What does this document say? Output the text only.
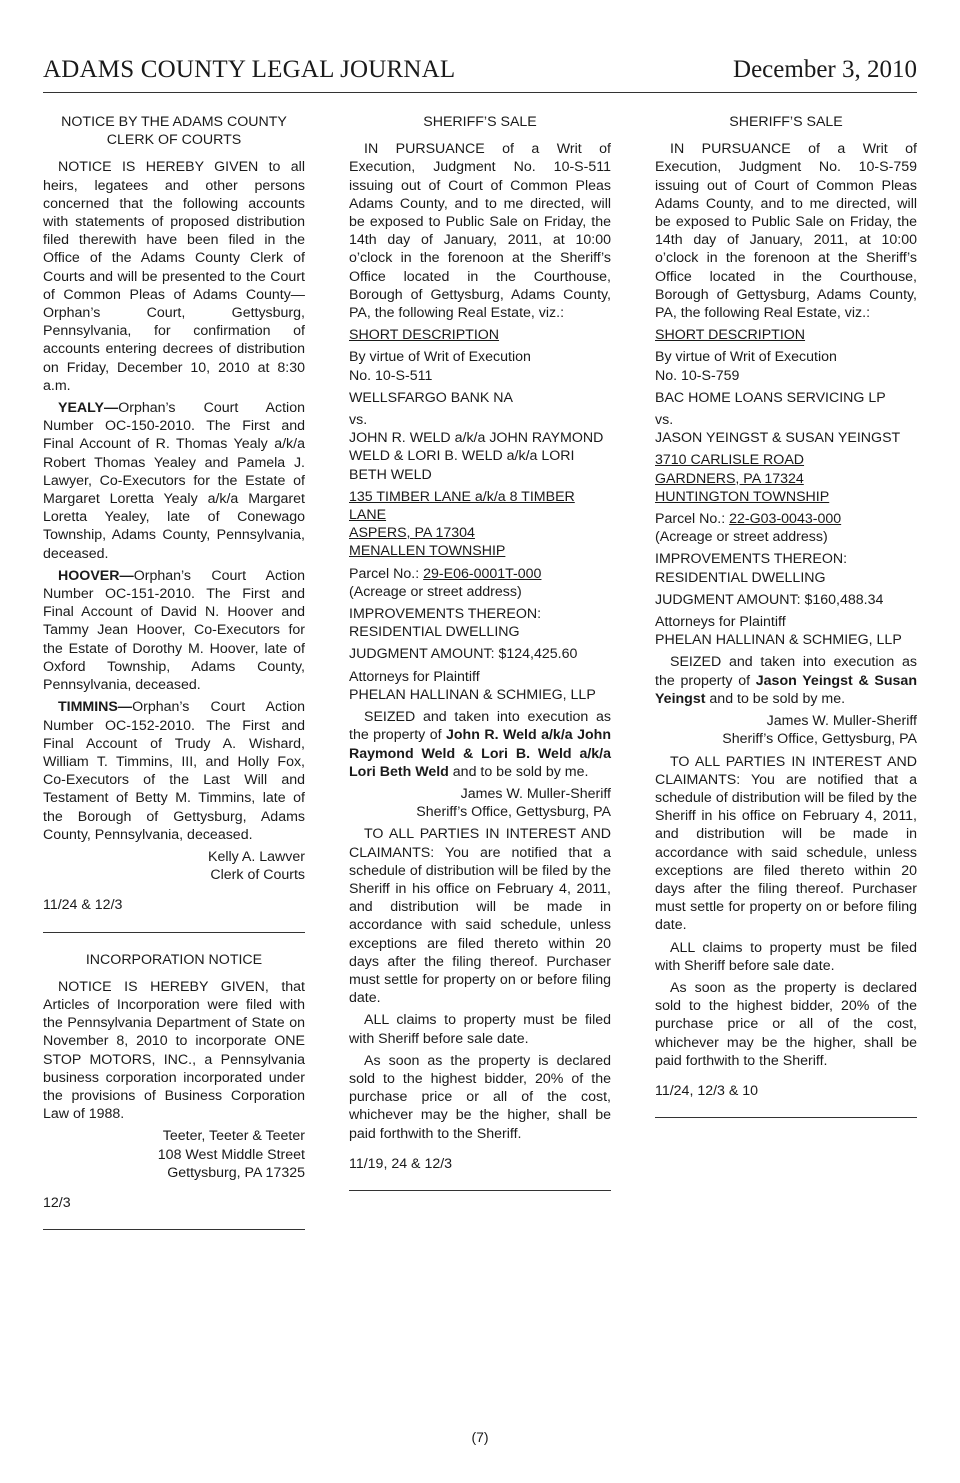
ADAMS COUNTY LEGAL JOURNAL	December 3, 2010

NOTICE BY THE ADAMS COUNTY

CLERK OF COURTS

NOTICE IS HEREBY GIVEN to all heirs, legatees and other persons concerned that the following accounts with statements of proposed distribution filed therewith have been filed in the Office of the Adams County Clerk of Courts and will be presented to the Court of Common Pleas of Adams County—Orphan’s Court, Gettysburg, Pennsylvania, for confirmation of accounts entering decrees of distribution on Friday, December 10, 2010 at 8:30 a.m.

YEALY—Orphan’s Court Action Number OC-150-2010. The First and Final Account of R. Thomas Yealy a/k/a Robert Thomas Yealey and Pamela J. Lawyer, Co-Executors for the Estate of Margaret Loretta Yealy a/k/a Margaret Loretta Yealey, late of Conewago Township, Adams County, Pennsylvania, deceased.

HOOVER—Orphan’s Court Action Number OC-151-2010. The First and Final Account of David N. Hoover and Tammy Jean Hoover, Co-Executors for the Estate of Dorothy M. Hoover, late of Oxford Township, Adams County, Pennsylvania, deceased.

TIMMINS—Orphan’s Court Action Number OC-152-2010. The First and Final Account of Trudy A. Wishard, William T. Timmins, III, and Holly Fox, Co-Executors of the Last Will and Testament of Betty M. Timmins, late of the Borough of Gettysburg, Adams County, Pennsylvania, deceased.

Kelly A. Lawver

Clerk of Courts

11/24 & 12/3

INCORPORATION NOTICE

NOTICE IS HEREBY GIVEN, that Articles of Incorporation were filed with the Pennsylvania Department of State on November 8, 2010 to incorporate ONE STOP MOTORS, INC., a Pennsylvania business corporation incorporated under the provisions of Business Corporation Law of 1988.

Teeter, Teeter & Teeter

108 West Middle Street

Gettysburg, PA 17325

12/3

SHERIFF’S SALE

IN PURSUANCE of a Writ of Execution, Judgment No. 10-S-511 issuing out of Court of Common Pleas Adams County, and to me directed, will be exposed to Public Sale on Friday, the 14th day of January, 2011, at 10:00 o’clock in the forenoon at the Sheriff’s Office located in the Courthouse, Borough of Gettysburg, Adams County, PA, the following Real Estate, viz.:

SHORT DESCRIPTION

By virtue of Writ of Execution

No. 10-S-511

WELLSFARGO BANK NA

vs.

JOHN R. WELD a/k/a JOHN RAYMOND WELD & LORI B. WELD a/k/a LORI BETH WELD

135 TIMBER LANE a/k/a 8 TIMBER LANE

ASPERS, PA 17304

MENALLEN TOWNSHIP

Parcel No.: 29-E06-0001T-000

(Acreage or street address)

IMPROVEMENTS THEREON:

RESIDENTIAL DWELLING

JUDGMENT AMOUNT: $124,425.60

Attorneys for Plaintiff

PHELAN HALLINAN & SCHMIEG, LLP

SEIZED and taken into execution as the property of John R. Weld a/k/a John Raymond Weld & Lori B. Weld a/k/a Lori Beth Weld and to be sold by me.

James W. Muller-Sheriff

Sheriff’s Office, Gettysburg, PA

TO ALL PARTIES IN INTEREST AND CLAIMANTS: You are notified that a schedule of distribution will be filed by the Sheriff in his office on February 4, 2011, and distribution will be made in accordance with said schedule, unless exceptions are filed thereto within 20 days after the filing thereof. Purchaser must settle for property on or before filing date.

ALL claims to property must be filed with Sheriff before sale date.

As soon as the property is declared sold to the highest bidder, 20% of the purchase price or all of the cost, whichever may be the higher, shall be paid forthwith to the Sheriff.

11/19, 24 & 12/3

SHERIFF’S SALE

IN PURSUANCE of a Writ of Execution, Judgment No. 10-S-759 issuing out of Court of Common Pleas Adams County, and to me directed, will be exposed to Public Sale on Friday, the 14th day of January, 2011, at 10:00 o’clock in the forenoon at the Sheriff’s Office located in the Courthouse, Borough of Gettysburg, Adams County, PA, the following Real Estate, viz.:

SHORT DESCRIPTION

By virtue of Writ of Execution

No. 10-S-759

BAC HOME LOANS SERVICING LP

vs.

JASON YEINGST & SUSAN YEINGST

3710 CARLISLE ROAD

GARDNERS, PA 17324

HUNTINGTON TOWNSHIP

Parcel No.: 22-G03-0043-000

(Acreage or street address)

IMPROVEMENTS THEREON:

RESIDENTIAL DWELLING

JUDGMENT AMOUNT: $160,488.34

Attorneys for Plaintiff

PHELAN HALLINAN & SCHMIEG, LLP

SEIZED and taken into execution as the property of Jason Yeingst & Susan Yeingst and to be sold by me.

James W. Muller-Sheriff

Sheriff’s Office, Gettysburg, PA

TO ALL PARTIES IN INTEREST AND CLAIMANTS: You are notified that a schedule of distribution will be filed by the Sheriff in his office on February 4, 2011, and distribution will be made in accordance with said schedule, unless exceptions are filed thereto within 20 days after the filing thereof. Purchaser must settle for property on or before filing date.

ALL claims to property must be filed with Sheriff before sale date.

As soon as the property is declared sold to the highest bidder, 20% of the purchase price or all of the cost, whichever may be the higher, shall be paid forthwith to the Sheriff.

11/24, 12/3 & 10

(7)
